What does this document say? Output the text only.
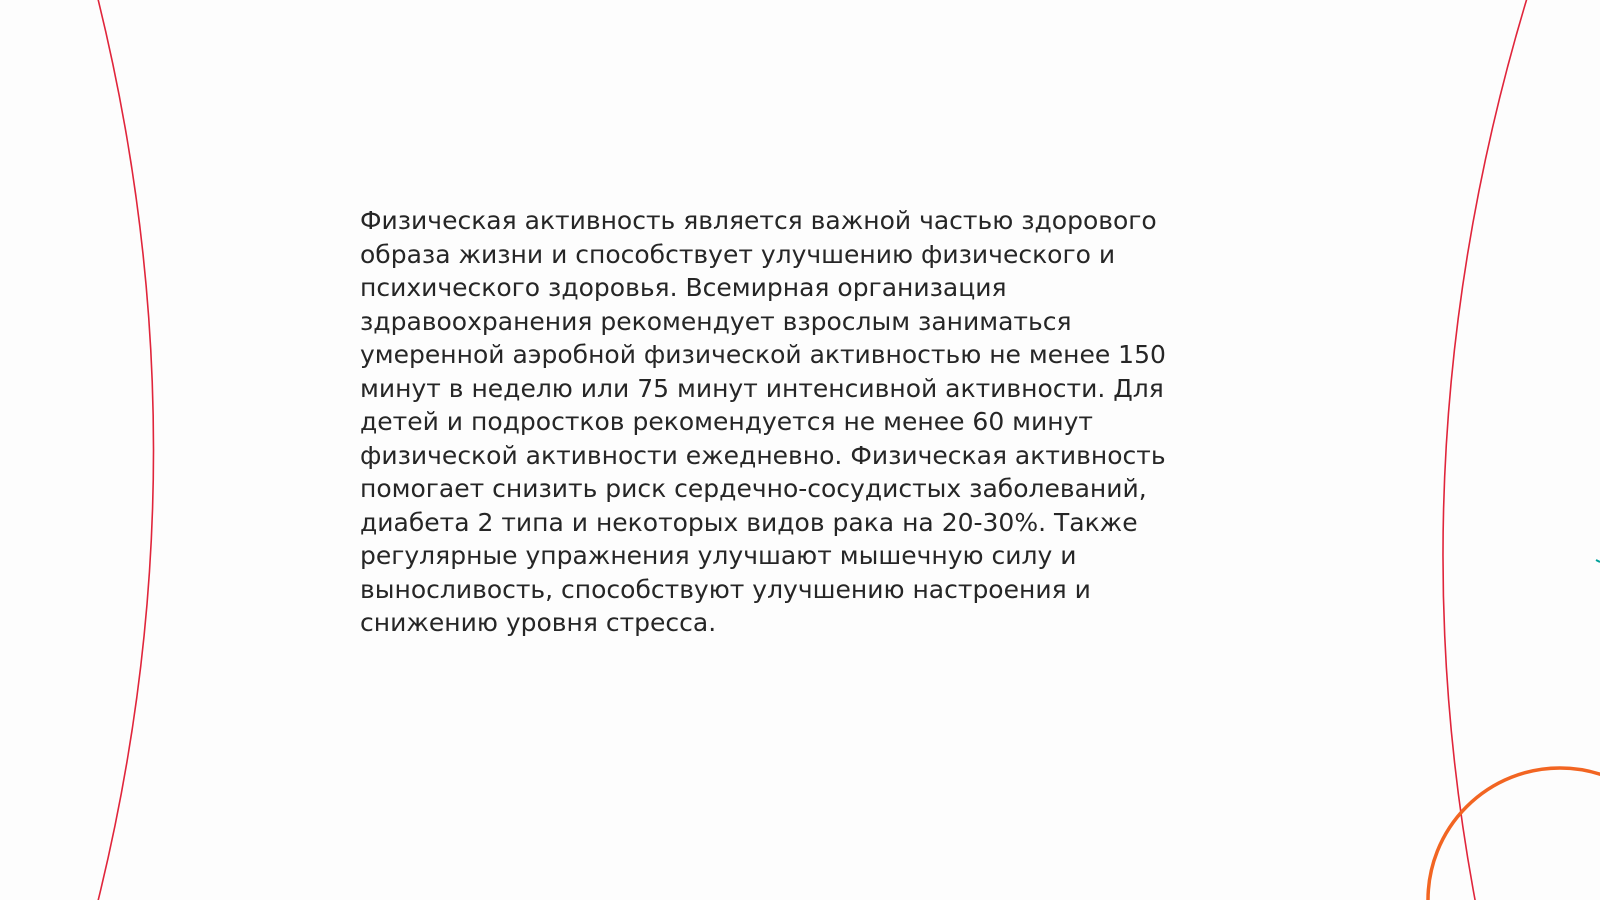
Физическая активность является важной частью здорового
образа жизни и способствует улучшению физического и
психического здоровья. Всемирная организация
здравоохранения рекомендует взрослым заниматься
умеренной аэробной физической активностью не менее 150
минут в неделю или 75 минут интенсивной активности. Для
детей и подростков рекомендуется не менее 60 минут
физической активности ежедневно. Физическая активность
помогает снизить риск сердечно-сосудистых заболеваний,
диабета 2 типа и некоторых видов рака на 20-30%. Также
регулярные упражнения улучшают мышечную силу и
выносливость, способствуют улучшению настроения и
снижению уровня стресса.
